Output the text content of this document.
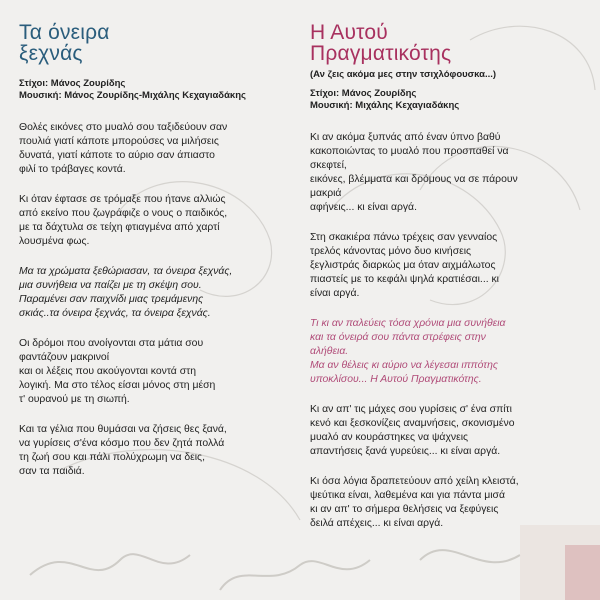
Τα όνειρα
ξεχνάς
Στίχοι: Μάνος Ζουρίδης
Μουσική: Μάνος Ζουρίδης-Μιχάλης Κεχαγιαδάκης
Θολές εικόνες στο μυαλό σου ταξιδεύουν σαν
πουλιά γιατί κάποτε μπορούσες να μιλήσεις
δυνατά, γιατί κάποτε το αύριο σαν άπιαστο
φιλί το τράβαγες κοντά.
Κι όταν έφτασε σε τρόμαξε που ήτανε αλλιώς
από εκείνο που ζωγράφιζε ο νους ο παιδικός,
με τα δάχτυλα σε τείχη φτιαγμένα από χαρτί
λουσμένα φως.
Μα τα χρώματα ξεθώριασαν, τα όνειρα ξεχνάς,
μια συνήθεια να παίζει με τη σκέψη σου.
Παραμένει σαν παιχνίδι μιας τρεμάμενης
σκιάς..τα όνειρα ξεχνάς, τα όνειρα ξεχνάς.
Οι δρόμοι που ανοίγονται στα μάτια σου
φαντάζουν μακρινοί
και οι λέξεις που ακούγονται κοντά στη
λογική. Μα στο τέλος είσαι μόνος στη μέση
τ' ουρανού με τη σιωπή.
Και τα γέλια που θυμάσαι να ζήσεις θες ξανά,
να γυρίσεις σ'ένα κόσμο που δεν ζητά πολλά
τη ζωή σου και πάλι πολύχρωμη να δεις,
σαν τα παιδιά.
Η Αυτού
Πραγματικότης
(Αν ζεις ακόμα μες στην τσιχλόφουσκα...)
Στίχοι: Μάνος Ζουρίδης
Μουσική: Μιχάλης Κεχαγιαδάκης
Κι αν ακόμα ξυπνάς από έναν ύπνο βαθύ
κακοποιώντας το μυαλό που προσπαθεί να
σκεφτεί,
εικόνες, βλέμματα και δρόμους να σε πάρουν
μακριά
αφήνεις... κι είναι αργά.
Στη σκακιέρα πάνω τρέχεις σαν γενναίος
τρελός κάνοντας μόνο δυο κινήσεις
ξεγλιστράς διαρκώς μα όταν αιχμάλωτος
πιαστείς με το κεφάλι ψηλά κρατιέσαι... κι
είναι αργά.
Τι κι αν παλεύεις τόσα χρόνια μια συνήθεια
και τα όνειρά σου πάντα στρέφεις στην
αλήθεια.
Μα αν θέλεις κι αύριο να λέγεσαι ιππότης
υποκλίσου... Η Αυτού Πραγματικότης.
Κι αν απ' τις μάχες σου γυρίσεις σ' ένα σπίτι
κενό και ξεσκονίζεις αναμνήσεις, σκονισμένο
μυαλό αν κουράστηκες να ψάχνεις
απαντήσεις ξανά γυρεύεις... κι είναι αργά.
Κι όσα λόγια δραπετεύουν από χείλη κλειστά,
ψεύτικα είναι, λαθεμένα και για πάντα μισά
κι αν απ' το σήμερα θελήσεις να ξεφύγεις
δειλά απέχεις... κι είναι αργά.
